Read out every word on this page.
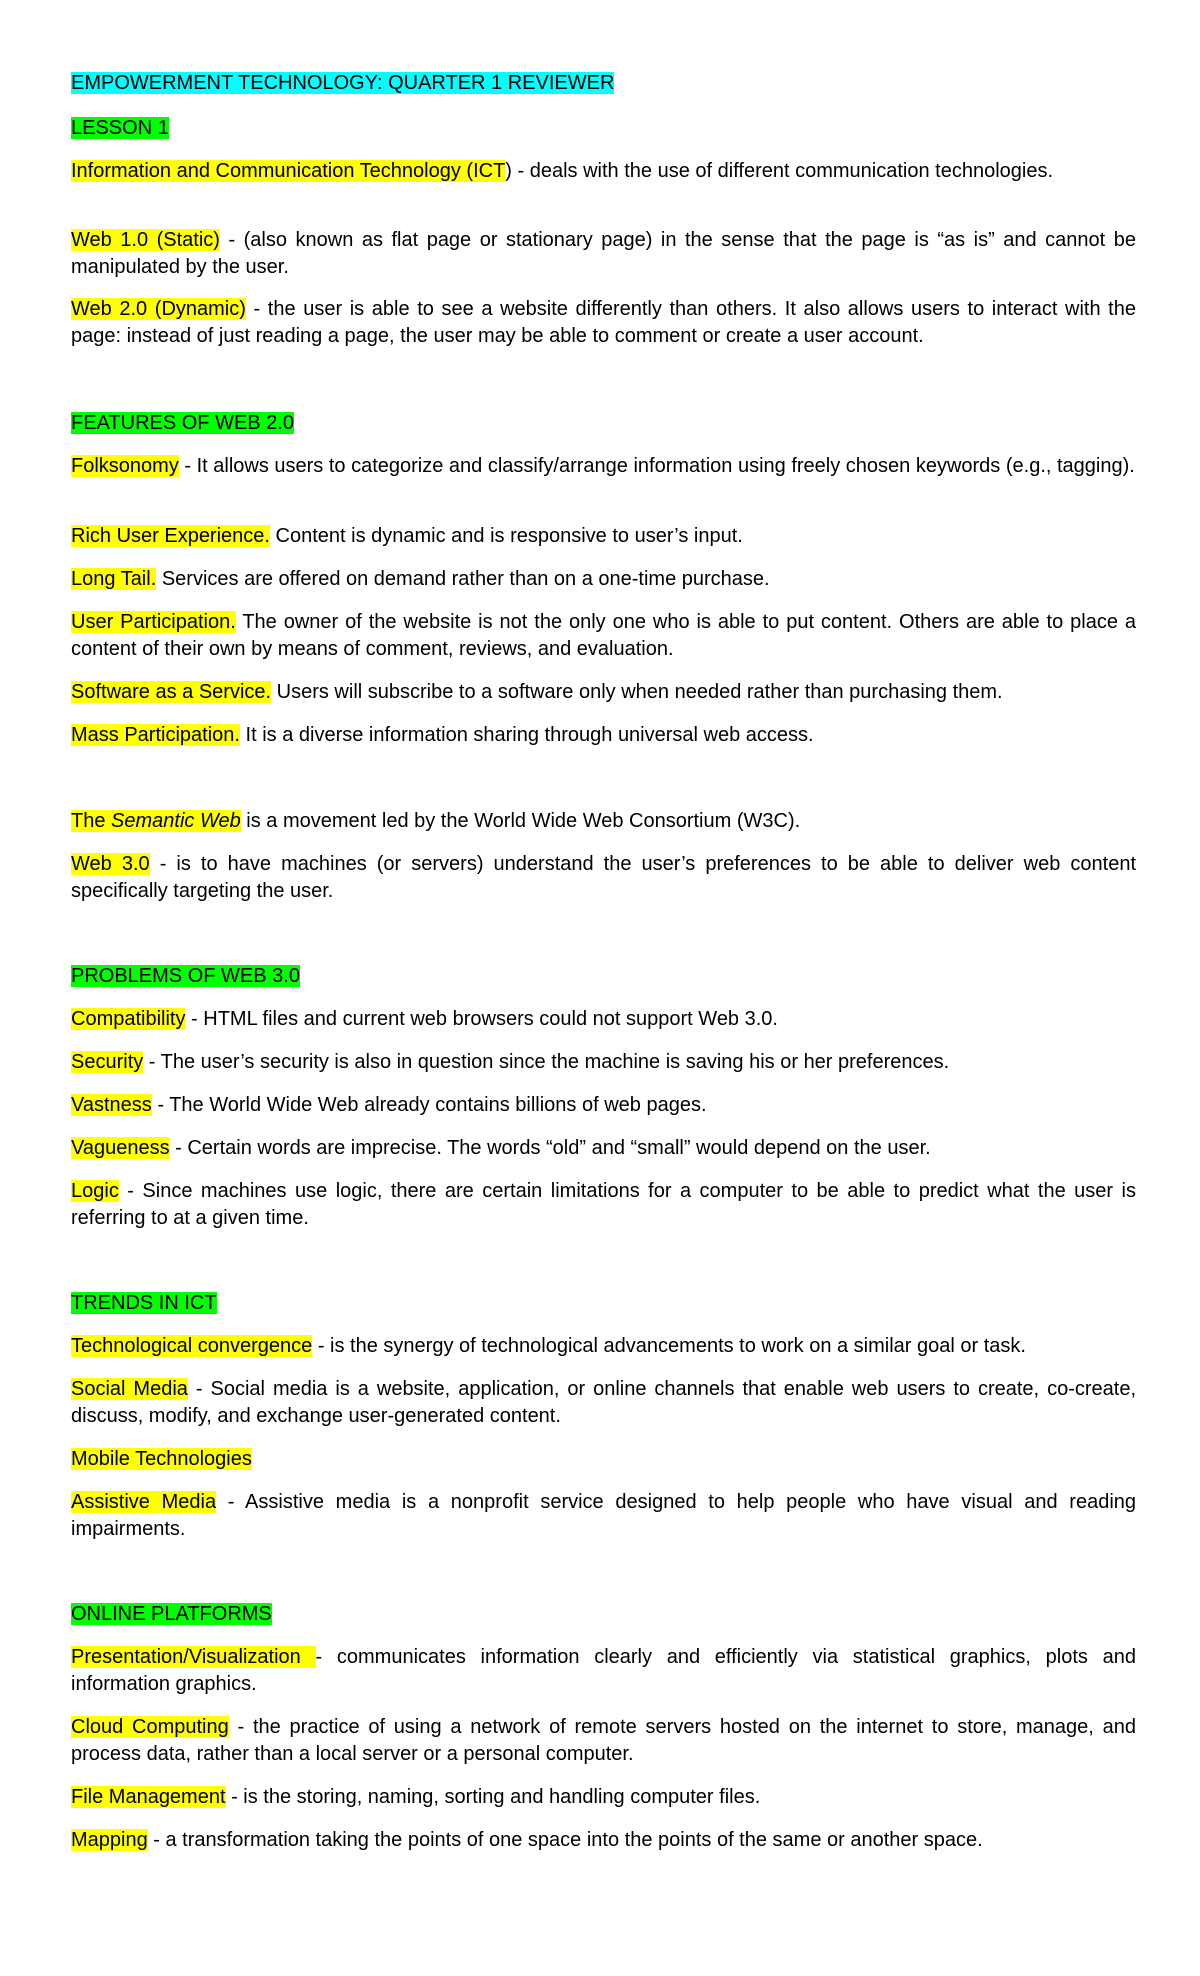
EMPOWERMENT TECHNOLOGY: QUARTER 1 REVIEWER

LESSON 1

Information and Communication Technology (ICT) - deals with the use of different communication technologies.

Web 1.0 (Static) - (also known as flat page or stationary page) in the sense that the page is “as is” and cannot be manipulated by the user.

Web 2.0 (Dynamic) - the user is able to see a website differently than others. It also allows users to interact with the page: instead of just reading a page, the user may be able to comment or create a user account.

FEATURES OF WEB 2.0

Folksonomy - It allows users to categorize and classify/arrange information using freely chosen keywords (e.g., tagging).

Rich User Experience. Content is dynamic and is responsive to user’s input.

Long Tail. Services are offered on demand rather than on a one-time purchase.

User Participation. The owner of the website is not the only one who is able to put content. Others are able to place a content of their own by means of comment, reviews, and evaluation.

Software as a Service. Users will subscribe to a software only when needed rather than purchasing them.

Mass Participation. It is a diverse information sharing through universal web access.

The Semantic Web is a movement led by the World Wide Web Consortium (W3C).

Web 3.0 - is to have machines (or servers) understand the user’s preferences to be able to deliver web content specifically targeting the user.

PROBLEMS OF WEB 3.0

Compatibility - HTML files and current web browsers could not support Web 3.0.

Security - The user’s security is also in question since the machine is saving his or her preferences.

Vastness - The World Wide Web already contains billions of web pages.

Vagueness - Certain words are imprecise. The words “old” and “small” would depend on the user.

Logic - Since machines use logic, there are certain limitations for a computer to be able to predict what the user is referring to at a given time.

TRENDS IN ICT

Technological convergence - is the synergy of technological advancements to work on a similar goal or task.

Social Media - Social media is a website, application, or online channels that enable web users to create, co-create, discuss, modify, and exchange user-generated content.

Mobile Technologies

Assistive Media - Assistive media is a nonprofit service designed to help people who have visual and reading impairments.

ONLINE PLATFORMS

Presentation/Visualization - communicates information clearly and efficiently via statistical graphics, plots and information graphics.

Cloud Computing - the practice of using a network of remote servers hosted on the internet to store, manage, and process data, rather than a local server or a personal computer.

File Management - is the storing, naming, sorting and handling computer files.

Mapping - a transformation taking the points of one space into the points of the same or another space.
